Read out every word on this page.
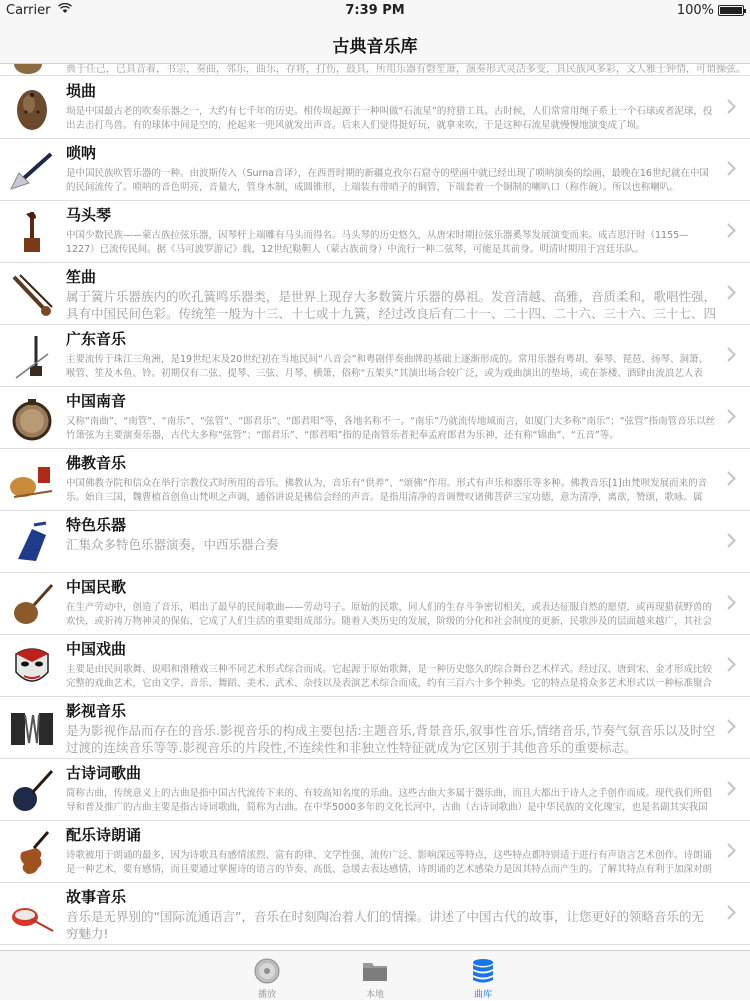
Carrier	7:39 PM	100%
古典音乐库
典于任己，已具音着，书宗，奏曲，邻乐，曲乐，存将，打伤，鼓具，所用乐器有磬笙箫，演奏形式灵活多变，具民族风多彩，文人雅士钟情，可谓操弦。
埙曲
埙是中国最古老的吹奏乐器之一，大约有七千年的历史。相传埙起源于一种叫做“石流星”的狩猎工具。古时候，人们常常用绳子系上一个石球或者泥球，投出去击打鸟兽。有的球体中间是空的，抡起来一兜风就发出声音。后来人们觉得挺好玩，就拿来吹，于是这种石流星就慢慢地演变成了埙。
唢呐
是中国民族吹管乐器的一种。由波斯传入（Surna音译），在西晋时期的新疆克孜尔石窟寺的壁画中就已经出现了唢呐演奏的绘画，最晚在16世纪就在中国的民间流传了。唢呐的音色明亮，音量大，管身木制，成圆锥形，上端装有带哨子的铜管，下端套着一个铜制的喇叭口（称作碗）。所以也称喇叭。
马头琴
中国少数民族——蒙古族拉弦乐器，因琴杆上端雕有马头而得名。马头琴的历史悠久，从唐宋时期拉弦乐器奚琴发展演变而来。成吉思汗时（1155—1227）已流传民间。据《马可波罗游记》载，12世纪鞑靼人（蒙古族前身）中流行一种二弦琴，可能是其前身。明清时期用于宫廷乐队。
笙曲
属于簧片乐器族内的吹孔簧鸣乐器类，是世界上现存大多数簧片乐器的鼻祖。发音清越、高雅，音质柔和，歌唱性强，具有中国民间色彩。传统笙一般为十三、十七或十九簧，经过改良后有二十一、二十四、二十六、三十六、三十七、四
广东音乐
主要流传于珠江三角洲，是19世纪末及20世纪初在当地民间“八音会”和粤剧伴奏曲牌的基础上逐渐形成的。常用乐器有粤胡、秦琴、琵琶、扬琴、洞箫、喉管、笙及木鱼、铃。初期仅有二弦、提琴、三弦、月琴、横箫，俗称“五架头”其演出场合较广泛，或为戏曲演出的垫场，或在茶楼、酒肆由流浪艺人表
中国南音
又称“南曲”、“南管”、“南乐”、“弦管”、“郎君乐”、“郎君唱”等，各地名称不一。“南乐”乃就流传地域而言，如厦门大多称“南乐”；“弦管”指南管音乐以丝竹箫弦为主要演奏乐器，古代大多称“弦管”；“郎君乐”、“郎君唱”指的是南管乐者祀奉孟府郎君为乐神，还有称“锦曲”、“五音”等。
佛教音乐
中国佛教寺院和信众在举行宗教仪式时所用的音乐。佛教认为，音乐有“供养”、“颂佛”作用。形式有声乐和器乐等多种。佛教音乐[1]由梵呗发展而来的音乐。始自三国，魏曹植首创鱼山梵呗之声调，通俗讲说是佛信会经的声音。是指用清净的音调赞叹诸佛菩萨三宝功德，意为清净，离欲，赞颂，歌咏。属
特色乐器
汇集众多特色乐器演奏，中西乐器合奏
中国民歌
在生产劳动中，创造了音乐，唱出了最早的民间歌曲——劳动号子。原始的民歌，同人们的生存斗争密切相关，或表达征服自然的愿望，或再现猎获野兽的欢快，或祈祷万物神灵的保佑，它成了人们生活的重要组成部分。随着人类历史的发展，阶级的分化和社会制度的更新，民歌涉及的层面越来越广，其社会
中国戏曲
主要是由民间歌舞、说唱和滑稽戏三种不同艺术形式综合而成。它起源于原始歌舞，是一种历史悠久的综合舞台艺术样式。经过汉、唐到宋、金才形成比较完整的戏曲艺术，它由文学、音乐、舞蹈、美术、武术、杂技以及表演艺术综合而成，约有三百六十多个种类。它的特点是将众多艺术形式以一种标准聚合
影视音乐
是为影视作品而存在的音乐.影视音乐的构成主要包括:主题音乐,背景音乐,叙事性音乐,情绪音乐,节奏气氛音乐以及时空过渡的连续音乐等等.影视音乐的片段性,不连续性和非独立性特征就成为它区别于其他音乐的重要标志。
古诗词歌曲
简称古曲，传统意义上的古曲是指中国古代流传下来的、有较高知名度的乐曲。这些古曲大多属于器乐曲，而且大都出于诗人之手创作而成。现代我们所倡导和普及推广的古曲主要是指古诗词歌曲，简称为古曲。在中华5000多年的文化长河中，古曲（古诗词歌曲）是中华民族的文化瑰宝，也是名副其实我国
配乐诗朗诵
诗歌被用于朗诵的最多，因为诗歌具有感情浓烈、富有韵律、文学性强、流传广泛、影响深远等特点，这些特点都特别适于进行有声语言艺术创作。诗朗诵是一种艺术，要有感情，而且要通过掌握诗的语言的节奏、高低、急缓去表达感情，诗朗诵的艺术感染力是因其特点而产生的。了解其特点有利于加深对朗
故事音乐
音乐是无界别的“国际流通语言”，音乐在时刻陶冶着人们的情操。讲述了中国古代的故事，让您更好的领略音乐的无穷魅力!
播放	本地	曲库
